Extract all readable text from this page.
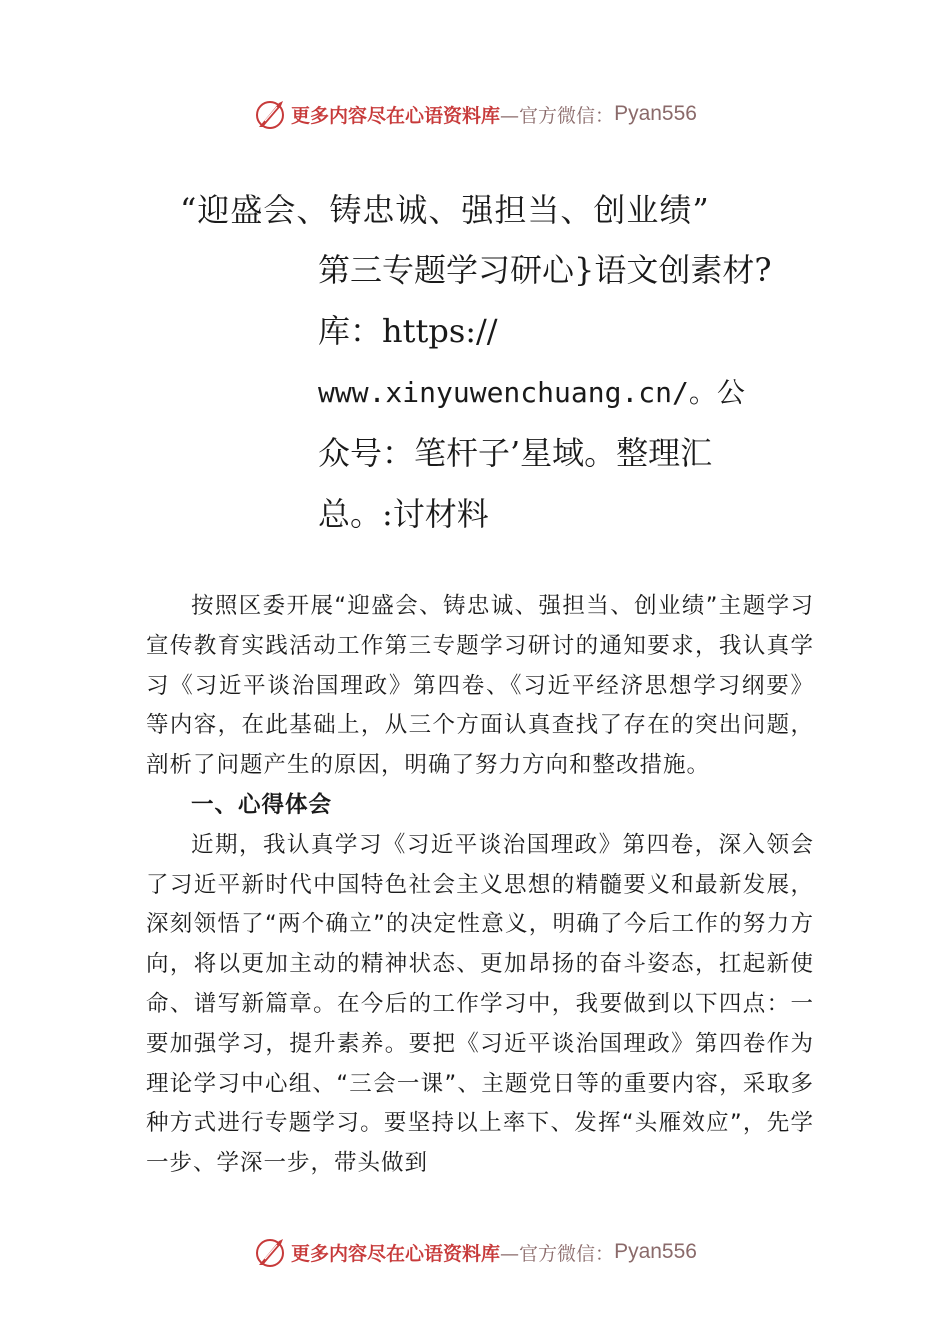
更多内容尽在心语资料库 —官方微信： Pyan556
“迎盛会、铸忠诚、强担当、创业绩”
第三专题学习研心}语文创素材?
库：https://
www.xinyuwenchuang.cn/。公
众号：笔杆子’星域。整理汇
总。:讨材料

按照区委开展“迎盛会、铸忠诚、强担当、创业绩”主题学习宣传教育实践活动工作第三专题学习研讨的通知要求，我认真学习《习近平谈治国理政》第四卷、《习近平经济思想学习纲要》等内容，在此基础上，从三个方面认真查找了存在的突出问题，剖析了问题产生的原因，明确了努力方向和整改措施。

一、心得体会

近期，我认真学习《习近平谈治国理政》第四卷，深入领会了习近平新时代中国特色社会主义思想的精髓要义和最新发展，深刻领悟了“两个确立”的决定性意义，明确了今后工作的努力方向，将以更加主动的精神状态、更加昂扬的奋斗姿态，扛起新使命、谱写新篇章。在今后的工作学习中，我要做到以下四点：一要加强学习，提升素养。要把《习近平谈治国理政》第四卷作为理论学习中心组、“三会一课”、主题党日等的重要内容，采取多种方式进行专题学习。要坚持以上率下、发挥“头雁效应”，先学一步、学深一步，带头做到

更多内容尽在心语资料库 —官方微信： Pyan556
